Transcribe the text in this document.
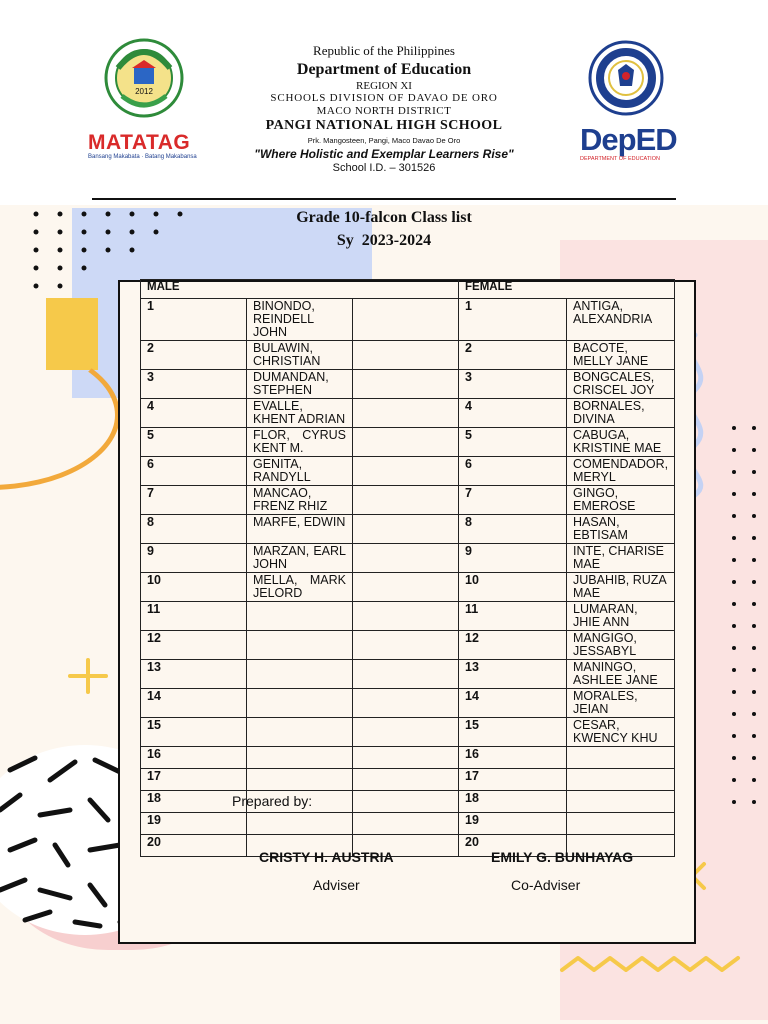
2012
MATATAG
Bansang Makabata · Batang Makabansa	DepED
DEPARTMENT OF EDUCATION
Republic of the Philippines
Department of Education
REGION XI
SCHOOLS DIVISION OF DAVAO DE ORO
MACO NORTH DISTRICT
PANGI NATIONAL HIGH SCHOOL
Prk. Mangosteen, Pangi, Maco Davao De Oro
"Where Holistic and Exemplar Learners Rise"
School I.D. – 301526
Grade 10-falcon Class list
Sy  2023-2024
MALE			FEMALE	
1	BINONDO, REINDELL JOHN		1	ANTIGA, ALEXANDRIA
2	BULAWIN, CHRISTIAN		2	BACOTE, MELLY JANE
3	DUMANDAN, STEPHEN		3	BONGCALES, CRISCEL JOY
4	EVALLE, KHENT ADRIAN		4	BORNALES, DIVINA
5	FLOR, CYRUS KENT M.		5	CABUGA, KRISTINE MAE
6	GENITA, RANDYLL		6	COMENDADOR, MERYL
7	MANCAO, FRENZ RHIZ		7	GINGO, EMEROSE
8	MARFE, EDWIN		8	HASAN, EBTISAM
9	MARZAN, EARL JOHN		9	INTE, CHARISE MAE
10	MELLA, MARK JELORD		10	JUBAHIB, RUZA MAE
11			11	LUMARAN, JHIE ANN
12			12	MANGIGO, JESSABYL
13			13	MANINGO, ASHLEE JANE
14			14	MORALES, JEIAN
15			15	CESAR, KWENCY KHU
16			16	
17			17	
18			18	
19			19	
20			20	
Prepared by:
CRISTY H. AUSTRIA
Adviser
EMILY G. BUNHAYAG
Co-Adviser
